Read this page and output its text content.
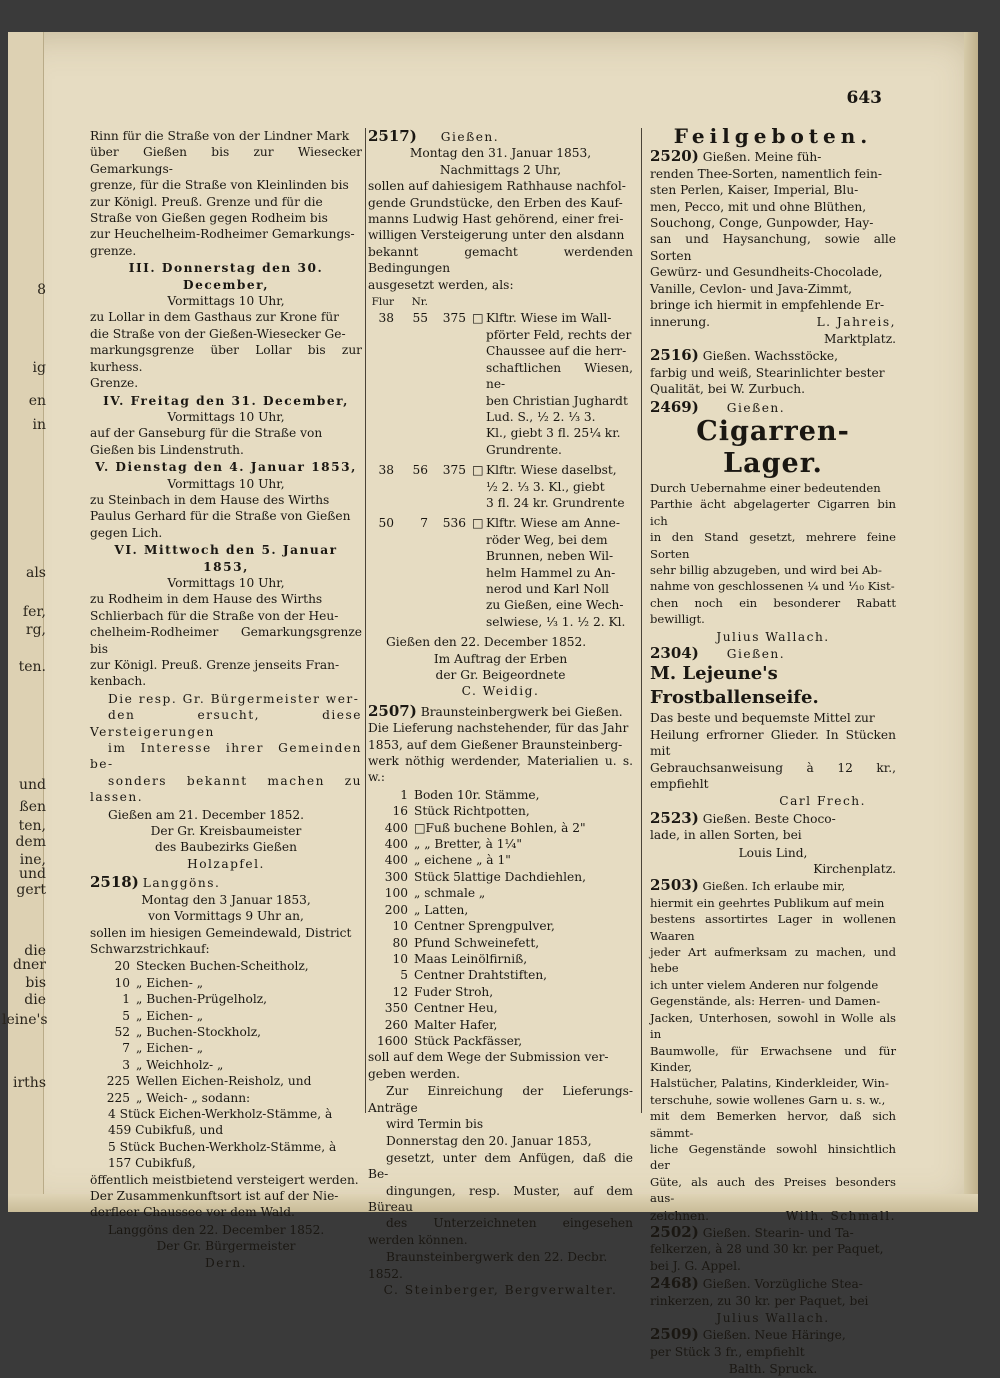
8
ig
en
in
als
fer,
rg,
ten.
und
ßen
ten,
dem
ine,
und
gert
die
dner
bis
die
leine's
irths
643
Rinn für die Straße von der Lindner Mark
über Gießen bis zur Wiesecker Gemarkungs-
grenze, für die Straße von Kleinlinden bis
zur Königl. Preuß. Grenze und für die
Straße von Gießen gegen Rodheim bis
zur Heuchelheim-Rodheimer Gemarkungs-
grenze.
III. Donnerstag den 30. December,
Vormittags 10 Uhr,
zu Lollar in dem Gasthaus zur Krone für
die Straße von der Gießen-Wiesecker Ge-
markungsgrenze über Lollar bis zur kurhess.
Grenze.
IV. Freitag den 31. December,
Vormittags 10 Uhr,
auf der Ganseburg für die Straße von
Gießen bis Lindenstruth.
V. Dienstag den 4. Januar 1853,
Vormittags 10 Uhr,
zu Steinbach in dem Hause des Wirths
Paulus Gerhard für die Straße von Gießen
gegen Lich.
VI. Mittwoch den 5. Januar 1853,
Vormittags 10 Uhr,
zu Rodheim in dem Hause des Wirths
Schlierbach für die Straße von der Heu-
chelheim-Rodheimer Gemarkungsgrenze bis
zur Königl. Preuß. Grenze jenseits Fran-
kenbach.
Die resp. Gr. Bürgermeister wer-
den ersucht, diese Versteigerungen
im Interesse ihrer Gemeinden be-
sonders bekannt machen zu lassen.
Gießen am 21. December 1852.
Der Gr. Kreisbaumeister
des Baubezirks Gießen
Holzapfel.
2518) Langgöns.
Montag den 3 Januar 1853,
von Vormittags 9 Uhr an,
sollen im hiesigen Gemeindewald, District
Schwarzstrichkauf:
20 Stecken Buchen-Scheitholz,
10 „ Eichen- „
1 „ Buchen-Prügelholz,
5 „ Eichen- „
52 „ Buchen-Stockholz,
7 „ Eichen- „
3 „ Weichholz- „
225 Wellen Eichen-Reisholz, und
225 „ Weich- „ sodann:
4 Stück Eichen-Werkholz-Stämme, à
459 Cubikfuß, und
5 Stück Buchen-Werkholz-Stämme, à
157 Cubikfuß,
öffentlich meistbietend versteigert werden.
Der Zusammenkunftsort ist auf der Nie-
derfleer Chaussee vor dem Wald.
Langgöns den 22. December 1852.
Der Gr. Bürgermeister
Dern.
2517) Gießen.
Montag den 31. Januar 1853,
Nachmittags 2 Uhr,
sollen auf dahiesigem Rathhause nachfol-
gende Grundstücke, den Erben des Kauf-
manns Ludwig Hast gehörend, einer frei-
willigen Versteigerung unter den alsdann
bekannt gemacht werdenden Bedingungen
ausgesetzt werden, als:
Flur	Nr.
38	55	375 □ Klftr. Wiese im Wall-
pförter Feld, rechts der
Chaussee auf die herr-
schaftlichen Wiesen, ne-
ben Christian Jughardt
Lud. S., ½ 2. ⅓ 3.
Kl., giebt 3 fl. 25¼ kr.
Grundrente.
38	56	375 □ Klftr. Wiese daselbst,
½ 2. ⅓ 3. Kl., giebt
3 fl. 24 kr. Grundrente
50	7	536 □ Klftr. Wiese am Anne-
röder Weg, bei dem
Brunnen, neben Wil-
helm Hammel zu An-
nerod und Karl Noll
zu Gießen, eine Wech-
selwiese, ⅓ 1. ½ 2. Kl.
Gießen den 22. December 1852.
Im Auftrag der Erben
der Gr. Beigeordnete
C. Weidig.
2507) Braunsteinbergwerk bei Gießen.
Die Lieferung nachstehender, für das Jahr
1853, auf dem Gießener Braunsteinberg-
werk nöthig werdender, Materialien u. s. w.:
1 Boden 10r. Stämme,
16 Stück Richtpotten,
400 □Fuß buchene Bohlen, à 2"
400 „ „ Bretter, à 1¼"
400 „ eichene „ à 1"
300 Stück 5lattige Dachdiehlen,
100 „ schmale „
200 „ Latten,
10 Centner Sprengpulver,
80 Pfund Schweinefett,
10 Maas Leinölfirniß,
5 Centner Drahtstiften,
12 Fuder Stroh,
350 Centner Heu,
260 Malter Hafer,
1600 Stück Packfässer,
soll auf dem Wege der Submission ver-
geben werden.
Zur Einreichung der Lieferungs-Anträge
wird Termin bis
Donnerstag den 20. Januar 1853,
gesetzt, unter dem Anfügen, daß die Be-
dingungen, resp. Muster, auf dem Büreau
des Unterzeichneten eingesehen werden können.
Braunsteinbergwerk den 22. Decbr. 1852.
C. Steinberger, Bergverwalter.
Feilgeboten.
2520) Gießen. Meine füh-
renden Thee-Sorten, namentlich fein-
sten Perlen, Kaiser, Imperial, Blu-
men, Pecco, mit und ohne Blüthen,
Souchong, Conge, Gunpowder, Hay-
san und Haysanchung, sowie alle Sorten
Gewürz- und Gesundheits-Chocolade,
Vanille, Cevlon- und Java-Zimmt,
bringe ich hiermit in empfehlende Er-
innerung.	L. Jahreis,
Marktplatz.
2516) Gießen. Wachsstöcke,
farbig und weiß, Stearinlichter bester
Qualität, bei W. Zurbuch.
2469) Gießen.
Cigarren-Lager.
Durch Uebernahme einer bedeutenden
Parthie ächt abgelagerter Cigarren bin ich
in den Stand gesetzt, mehrere feine Sorten
sehr billig abzugeben, und wird bei Ab-
nahme von geschlossenen ¼ und ⅒ Kist-
chen noch ein besonderer Rabatt bewilligt.
Julius Wallach.
2304) Gießen.
M. Lejeune's Frostballenseife.
Das beste und bequemste Mittel zur
Heilung erfrorner Glieder. In Stücken mit
Gebrauchsanweisung à 12 kr., empfiehlt
Carl Frech.
2523) Gießen. Beste Choco-
lade, in allen Sorten, bei
Louis Lind,
Kirchenplatz.
2503) Gießen. Ich erlaube mir,
hiermit ein geehrtes Publikum auf mein
bestens assortirtes Lager in wollenen Waaren
jeder Art aufmerksam zu machen, und hebe
ich unter vielem Anderen nur folgende
Gegenstände, als: Herren- und Damen-
Jacken, Unterhosen, sowohl in Wolle als in
Baumwolle, für Erwachsene und für Kinder,
Halstücher, Palatins, Kinderkleider, Win-
terschuhe, sowie wollenes Garn u. s. w.,
mit dem Bemerken hervor, daß sich sämmt-
liche Gegenstände sowohl hinsichtlich der
Güte, als auch des Preises besonders aus-
zeichnen.	Wilh. Schmall.
2502) Gießen. Stearin- und Ta-
felkerzen, à 28 und 30 kr. per Paquet,
bei J. G. Appel.
2468) Gießen. Vorzügliche Stea-
rinkerzen, zu 30 kr. per Paquet, bei
Julius Wallach.
2509) Gießen. Neue Häringe,
per Stück 3 fr., empfiehlt
Balth. Spruck.
